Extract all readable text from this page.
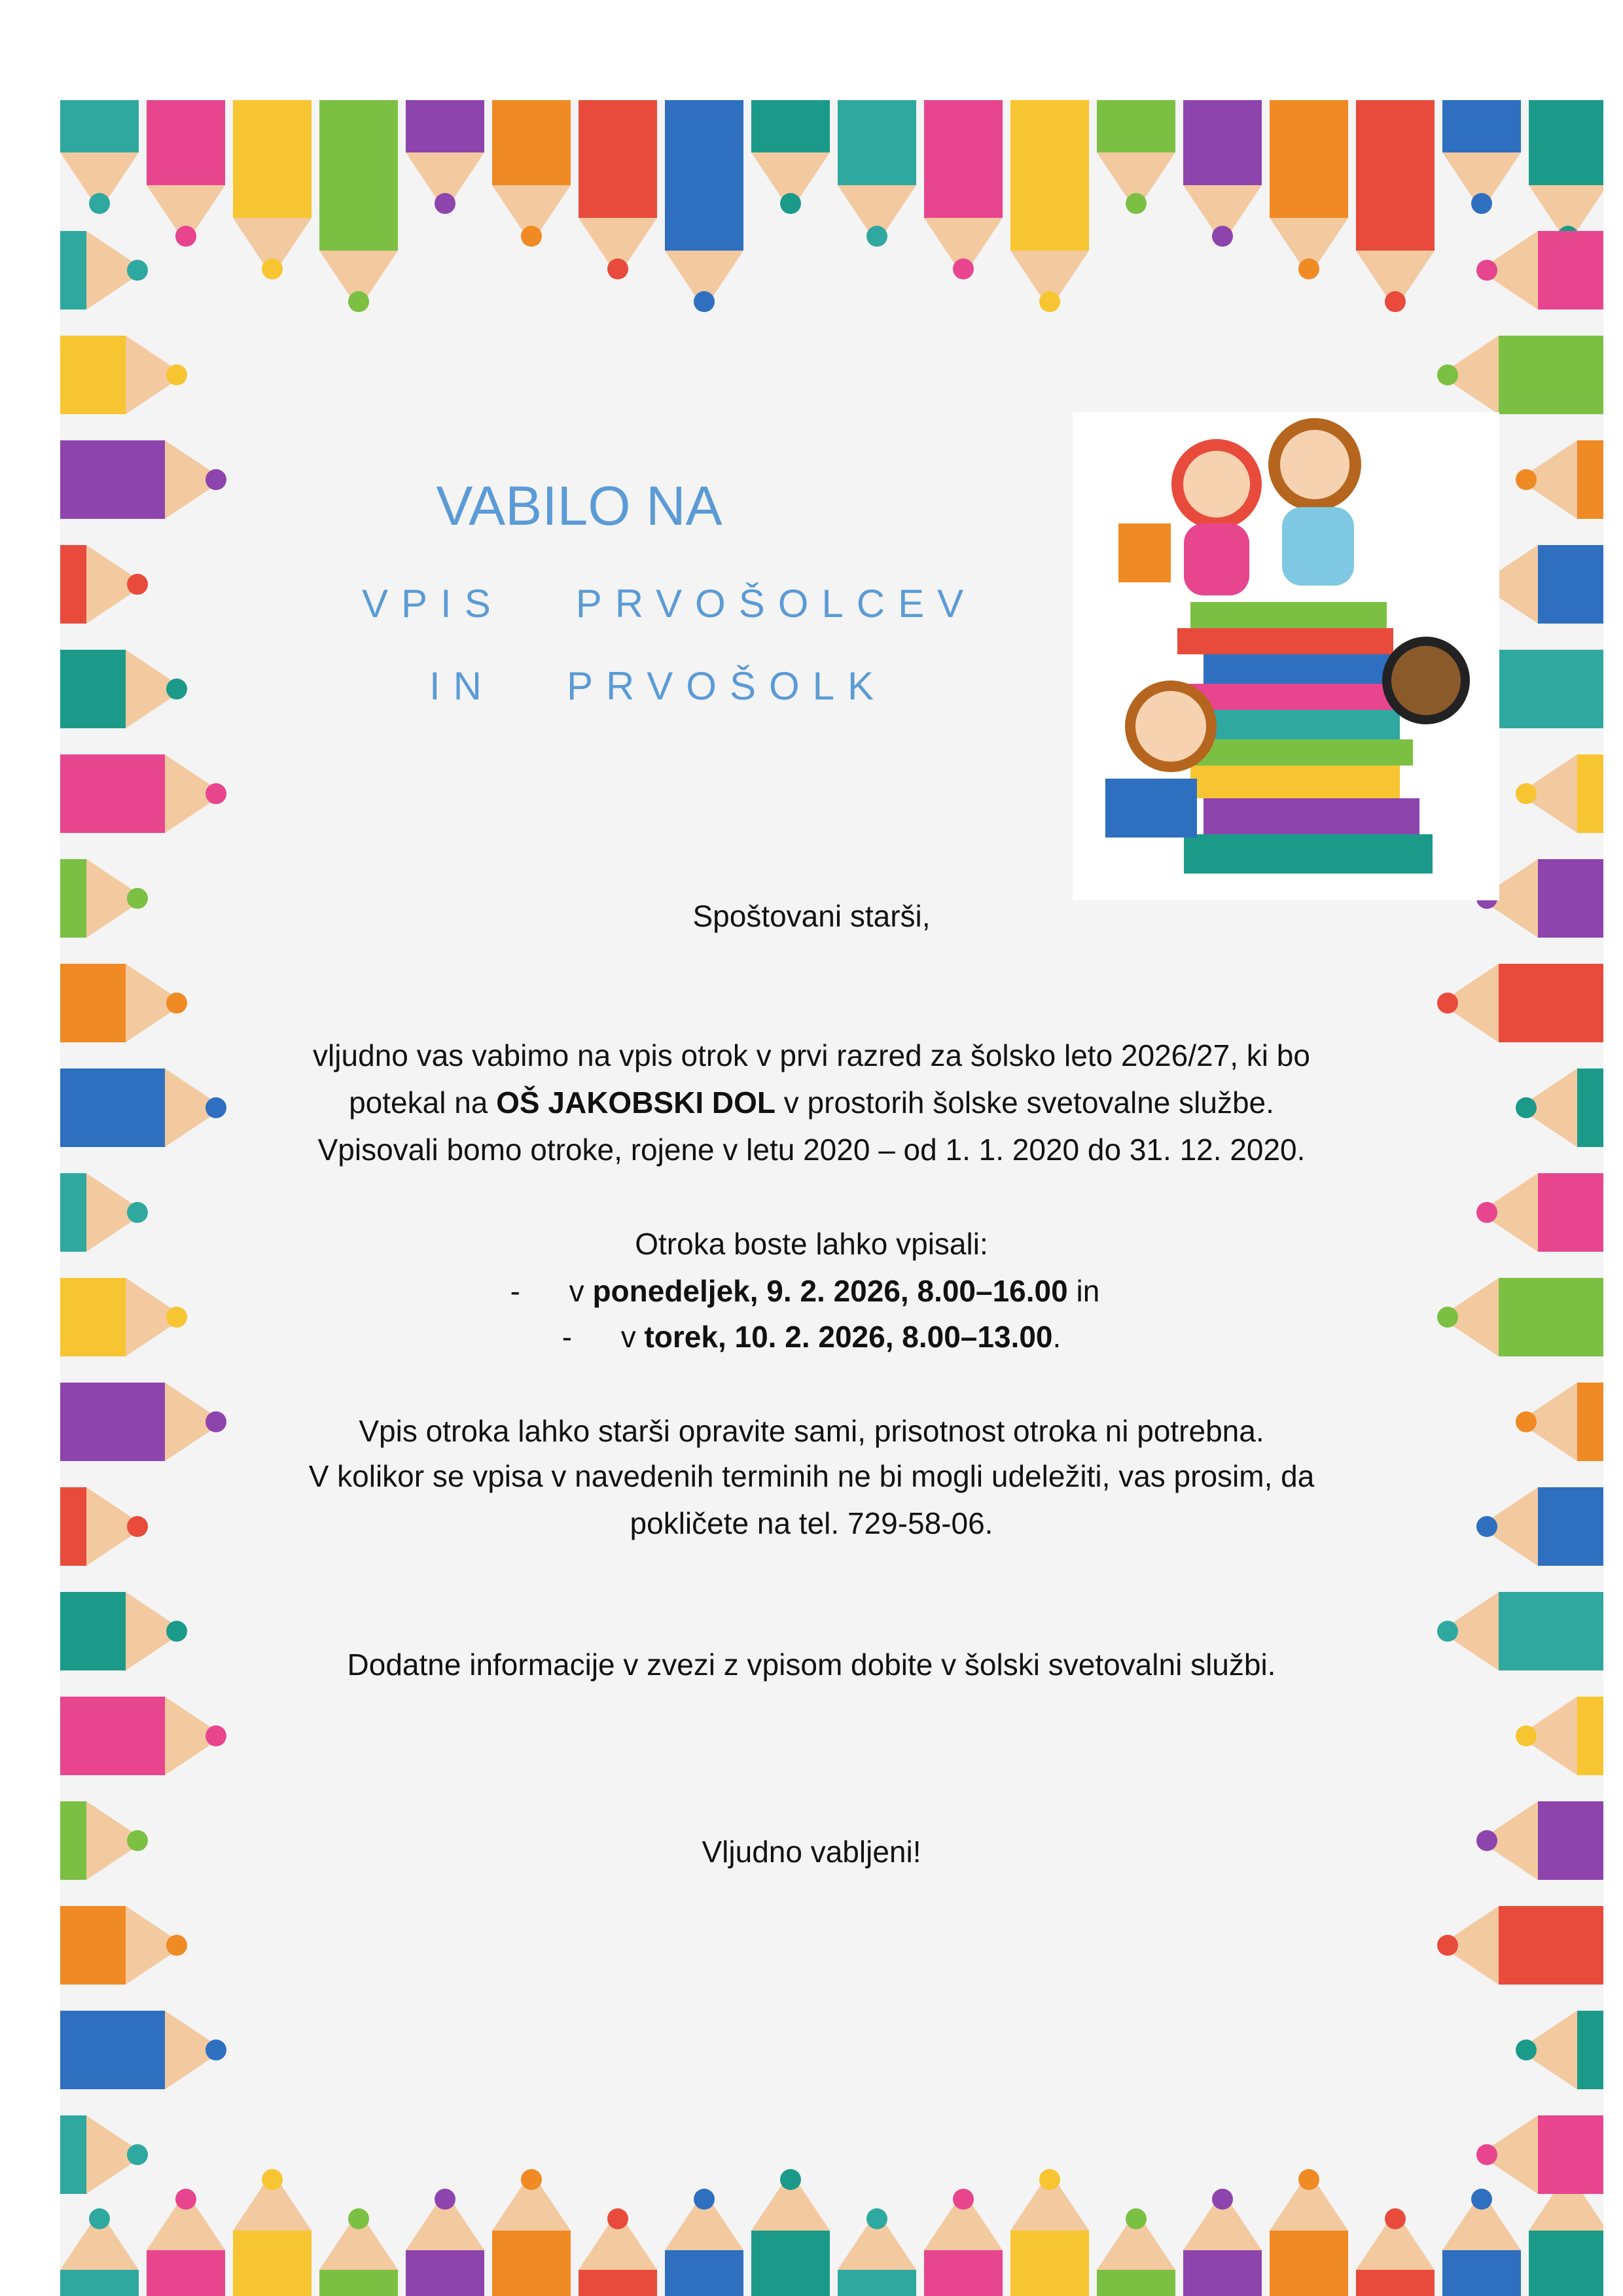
VABILO NA
VPIS   PRVOŠOLCEV
IN   PRVOŠOLK
Spoštovani starši,
vljudno vas vabimo na vpis otrok v prvi razred za šolsko leto 2026/27, ki bo
potekal na OŠ JAKOBSKI DOL v prostorih šolske svetovalne službe.
Vpisovali bomo otroke, rojene v letu 2020 – od 1. 1. 2020 do 31. 12. 2020.
Otroka boste lahko vpisali:
- v ponedeljek, 9. 2. 2026, 8.00–16.00 in
- v torek, 10. 2. 2026, 8.00–13.00.
Vpis otroka lahko starši opravite sami, prisotnost otroka ni potrebna.
V kolikor se vpisa v navedenih terminih ne bi mogli udeležiti, vas prosim, da
pokličete na tel. 729-58-06.
Dodatne informacije v zvezi z vpisom dobite v šolski svetovalni službi.
Vljudno vabljeni!
